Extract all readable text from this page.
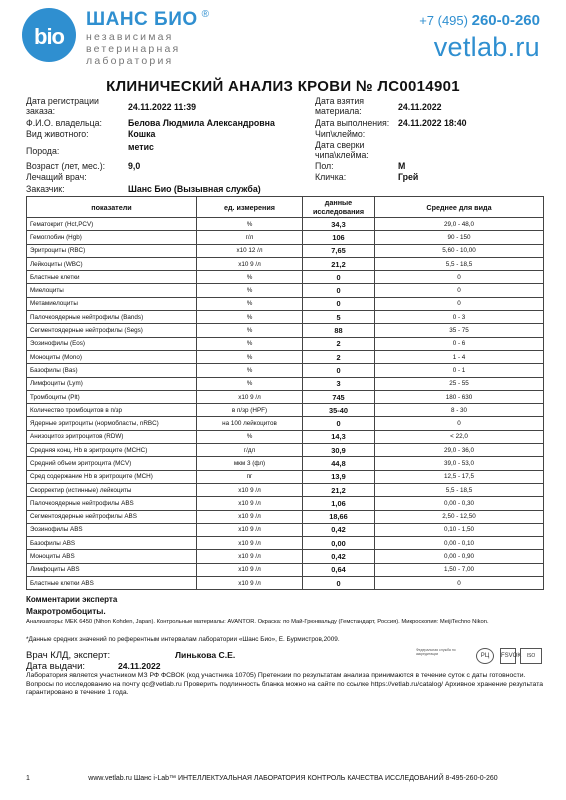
bio
ШАНС БИО ®
независимая
ветеринарная
лаборатория
+7 (495) 260-0-260
vetlab.ru
КЛИНИЧЕСКИЙ АНАЛИЗ КРОВИ № ЛС0014901
Дата регистрации заказа:	24.11.2022 11:39
Ф.И.О. владельца:	Белова Людмила Александровна
Вид животного:	Кошка
Порода:	метис
Возраст (лет, мес.):	9,0
Лечащий врач:
Заказчик:	Шанс Био (Вызывная служба)
Дата взятия материала:	24.11.2022
Дата выполнения: 24.11.2022 18:40
Чип\клеймо:
Дата сверки чипа\клейма:
Пол:	М
Кличка:	Грей
показатели	ед. измерения	данные исследования	Среднее для вида
Гематокрит (Hct,PCV)	%	34,3	29,0 - 48,0
Гемоглобин (Hgb)	г/л	106	90 - 150
Эритроциты (RBC)	x10 12 /л	7,65	5,60 - 10,00
Лейкоциты (WBC)	x10 9 /л	21,2	5,5 - 18,5
Бластные клетки	%	0	0
Миелоциты	%	0	0
Метамиелоциты	%	0	0
Палочкоядерные нейтрофилы (Bands)	%	5	0 - 3
Сегментоядерные нейтрофилы (Segs)	%	88	35 - 75
Эозинофилы (Eos)	%	2	0 - 6
Моноциты (Mono)	%	2	1 - 4
Базофилы (Bas)	%	0	0 - 1
Лимфоциты (Lym)	%	3	25 - 55
Тромбоциты (Plt)	x10 9 /л	745	180 - 630
Количество тромбоцитов в п/зр	в п/зр (HPF)	35-40	8 - 30
Ядерные эритроциты (нормобласты, nRBC)	на 100 лейкоцитов	0	0
Анизоцитоз эритроцитов (RDW)	%	14,3	< 22,0
Средняя конц. Hb в эритроците (MCHC)	г/дл	30,9	29,0 - 36,0
Средний объем эритроцита (MCV)	мкм 3 (фл)	44,8	39,0 - 53,0
Сред содержание Hb в эритроците (MCH)	пг	13,9	12,5 - 17,5
Скорректир (истинные) лейкоциты	x10 9 /л	21,2	5,5 - 18,5
Палочкоядерные нейтрофилы ABS	x10 9 /л	1,06	0,00 - 0,30
Сегментоядерные нейтрофилы ABS	x10 9 /л	18,66	2,50 - 12,50
Эозинофилы ABS	x10 9 /л	0,42	0,10 - 1,50
Базофилы ABS	x10 9 /л	0,00	0,00 - 0,10
Моноциты ABS	x10 9 /л	0,42	0,00 - 0,90
Лимфоциты ABS	x10 9 /л	0,64	1,50 - 7,00
Бластные клетки ABS	x10 9 /л	0	0
Комментарии эксперта
Макротромбоциты.
Анализаторы: MEK 6450 (Nihon Kohden, Japan). Контрольные материалы: AVANTOR. Окраска: по Май-Грюнвальду (Гемстандарт, Россия). Микроскопия: MeijiTechno Nikon.
*Данные средних значений по референтным интервалам лаборатории «Шанс Био», Е. Бурмистров,2009.
Врач КЛД, эксперт:	Линькова С.Е.
Дата выдачи:	24.11.2022
Федеральная служба по аккредитации	РЦ	FSVOK	ISO
Лаборатория является участником МЗ РФ ФСВОК (код участника 10705) Претензии по результатам анализа принимаются в течение суток с даты готовности. Вопросы по исследованию на почту qc@vetlab.ru Проверить подлинность бланка можно на сайте по ссылке https://vetlab.ru/catalog/ Архивное хранение результата гарантировано в течение 1 года.
1	www.vetlab.ru Шанс i-Lab™ ИНТЕЛЛЕКТУАЛЬНАЯ ЛАБОРАТОРИЯ КОНТРОЛЬ КАЧЕСТВА ИССЛЕДОВАНИЙ 8-495-260-0-260
